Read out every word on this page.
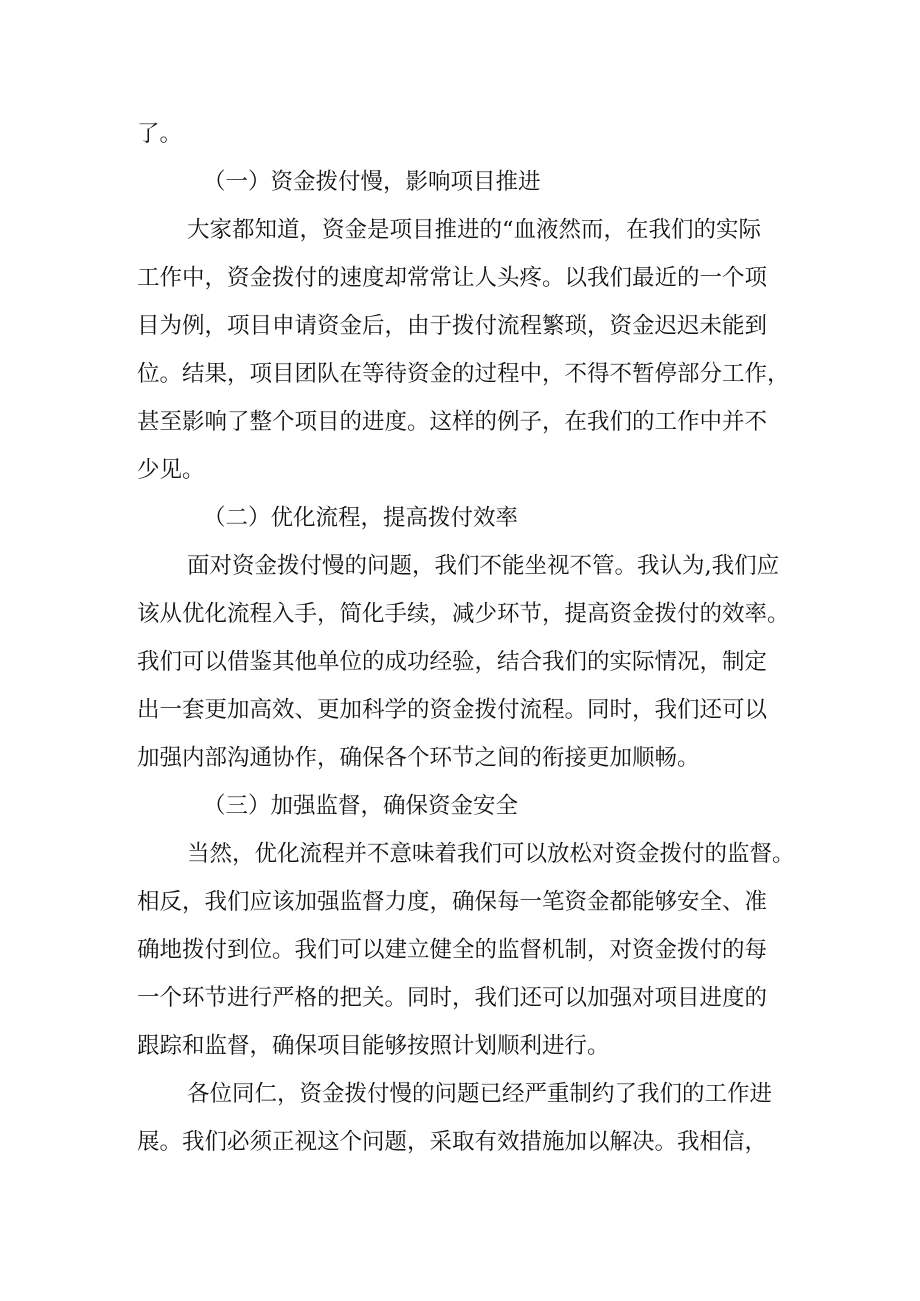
了。
（一）资金拨付慢，影响项目推进
大家都知道，资金是项目推进的“血液然而，在我们的实际
工作中，资金拨付的速度却常常让人头疼。以我们最近的一个项
目为例，项目申请资金后，由于拨付流程繁琐，资金迟迟未能到
位。结果，项目团队在等待资金的过程中，不得不暂停部分工作，
甚至影响了整个项目的进度。这样的例子，在我们的工作中并不
少见。
（二）优化流程，提高拨付效率
面对资金拨付慢的问题，我们不能坐视不管。我认为,我们应
该从优化流程入手，简化手续，减少环节，提高资金拨付的效率。
我们可以借鉴其他单位的成功经验，结合我们的实际情况，制定
出一套更加高效、更加科学的资金拨付流程。同时，我们还可以
加强内部沟通协作，确保各个环节之间的衔接更加顺畅。
（三）加强监督，确保资金安全
当然，优化流程并不意味着我们可以放松对资金拨付的监督。
相反，我们应该加强监督力度，确保每一笔资金都能够安全、准
确地拨付到位。我们可以建立健全的监督机制，对资金拨付的每
一个环节进行严格的把关。同时，我们还可以加强对项目进度的
跟踪和监督，确保项目能够按照计划顺利进行。
各位同仁，资金拨付慢的问题已经严重制约了我们的工作进
展。我们必须正视这个问题，采取有效措施加以解决。我相信，
